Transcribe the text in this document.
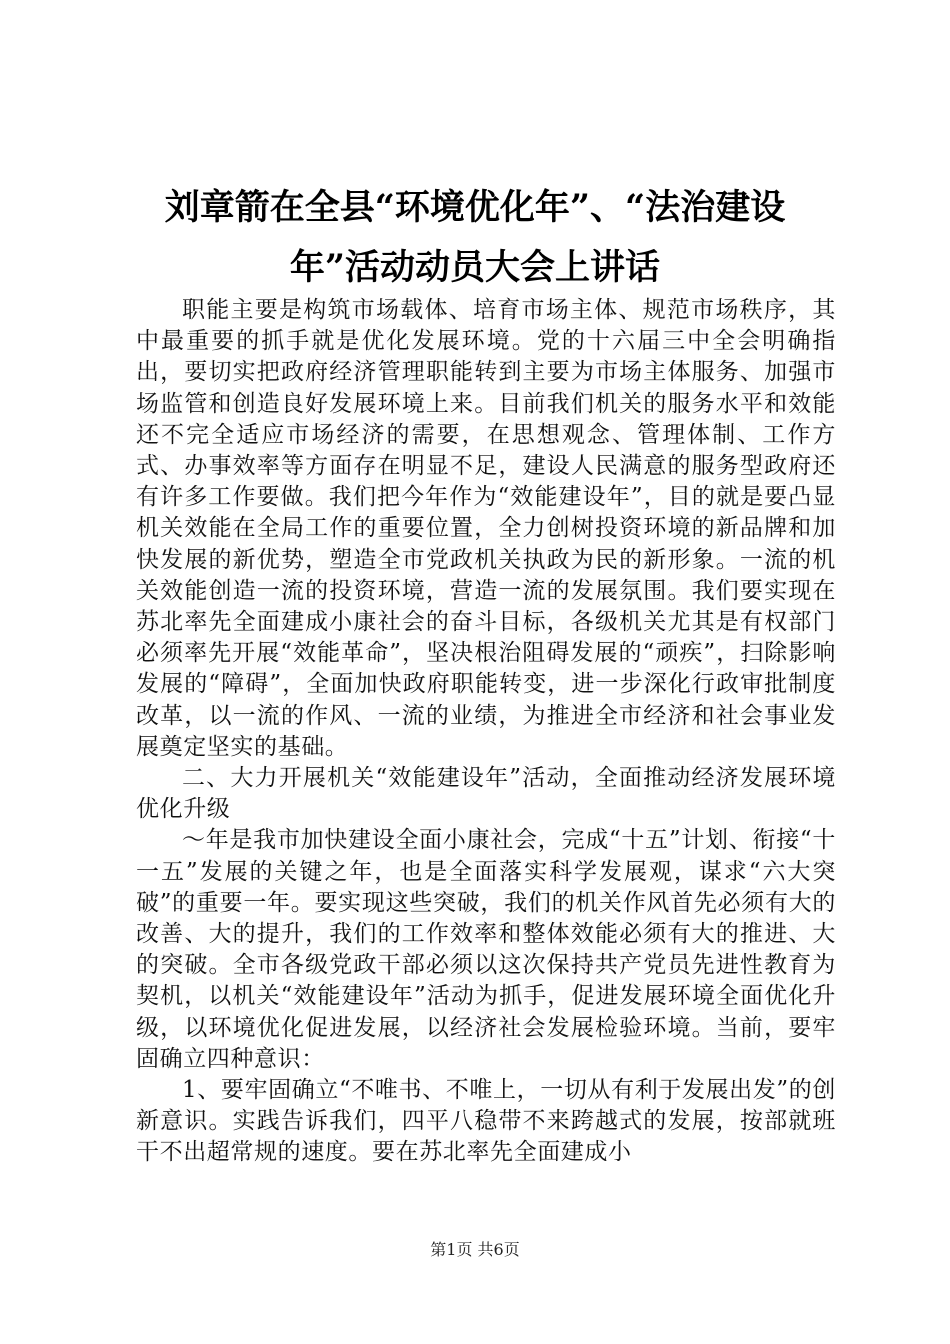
刘章箭在全县“环境优化年”、“法治建设
年”活动动员大会上讲话

职能主要是构筑市场载体、培育市场主体、规范市场秩序，其中最重要的抓手就是优化发展环境。党的十六届三中全会明确指出，要切实把政府经济管理职能转到主要为市场主体服务、加强市场监管和创造良好发展环境上来。目前我们机关的服务水平和效能还不完全适应市场经济的需要，在思想观念、管理体制、工作方式、办事效率等方面存在明显不足，建设人民满意的服务型政府还有许多工作要做。我们把今年作为“效能建设年”，目的就是要凸显机关效能在全局工作的重要位置，全力创树投资环境的新品牌和加快发展的新优势，塑造全市党政机关执政为民的新形象。一流的机关效能创造一流的投资环境，营造一流的发展氛围。我们要实现在苏北率先全面建成小康社会的奋斗目标，各级机关尤其是有权部门必须率先开展“效能革命”，坚决根治阻碍发展的“顽疾”，扫除影响发展的“障碍”，全面加快政府职能转变，进一步深化行政审批制度改革，以一流的作风、一流的业绩，为推进全市经济和社会事业发展奠定坚实的基础。

二、大力开展机关“效能建设年”活动，全面推动经济发展环境优化升级

～年是我市加快建设全面小康社会，完成“十五”计划、衔接“十一五”发展的关键之年，也是全面落实科学发展观，谋求“六大突破”的重要一年。要实现这些突破，我们的机关作风首先必须有大的改善、大的提升，我们的工作效率和整体效能必须有大的推进、大的突破。全市各级党政干部必须以这次保持共产党员先进性教育为契机，以机关“效能建设年”活动为抓手，促进发展环境全面优化升级，以环境优化促进发展，以经济社会发展检验环境。当前，要牢固确立四种意识：

1、要牢固确立“不唯书、不唯上，一切从有利于发展出发”的创新意识。实践告诉我们，四平八稳带不来跨越式的发展，按部就班干不出超常规的速度。要在苏北率先全面建成小

第1页 共6页
